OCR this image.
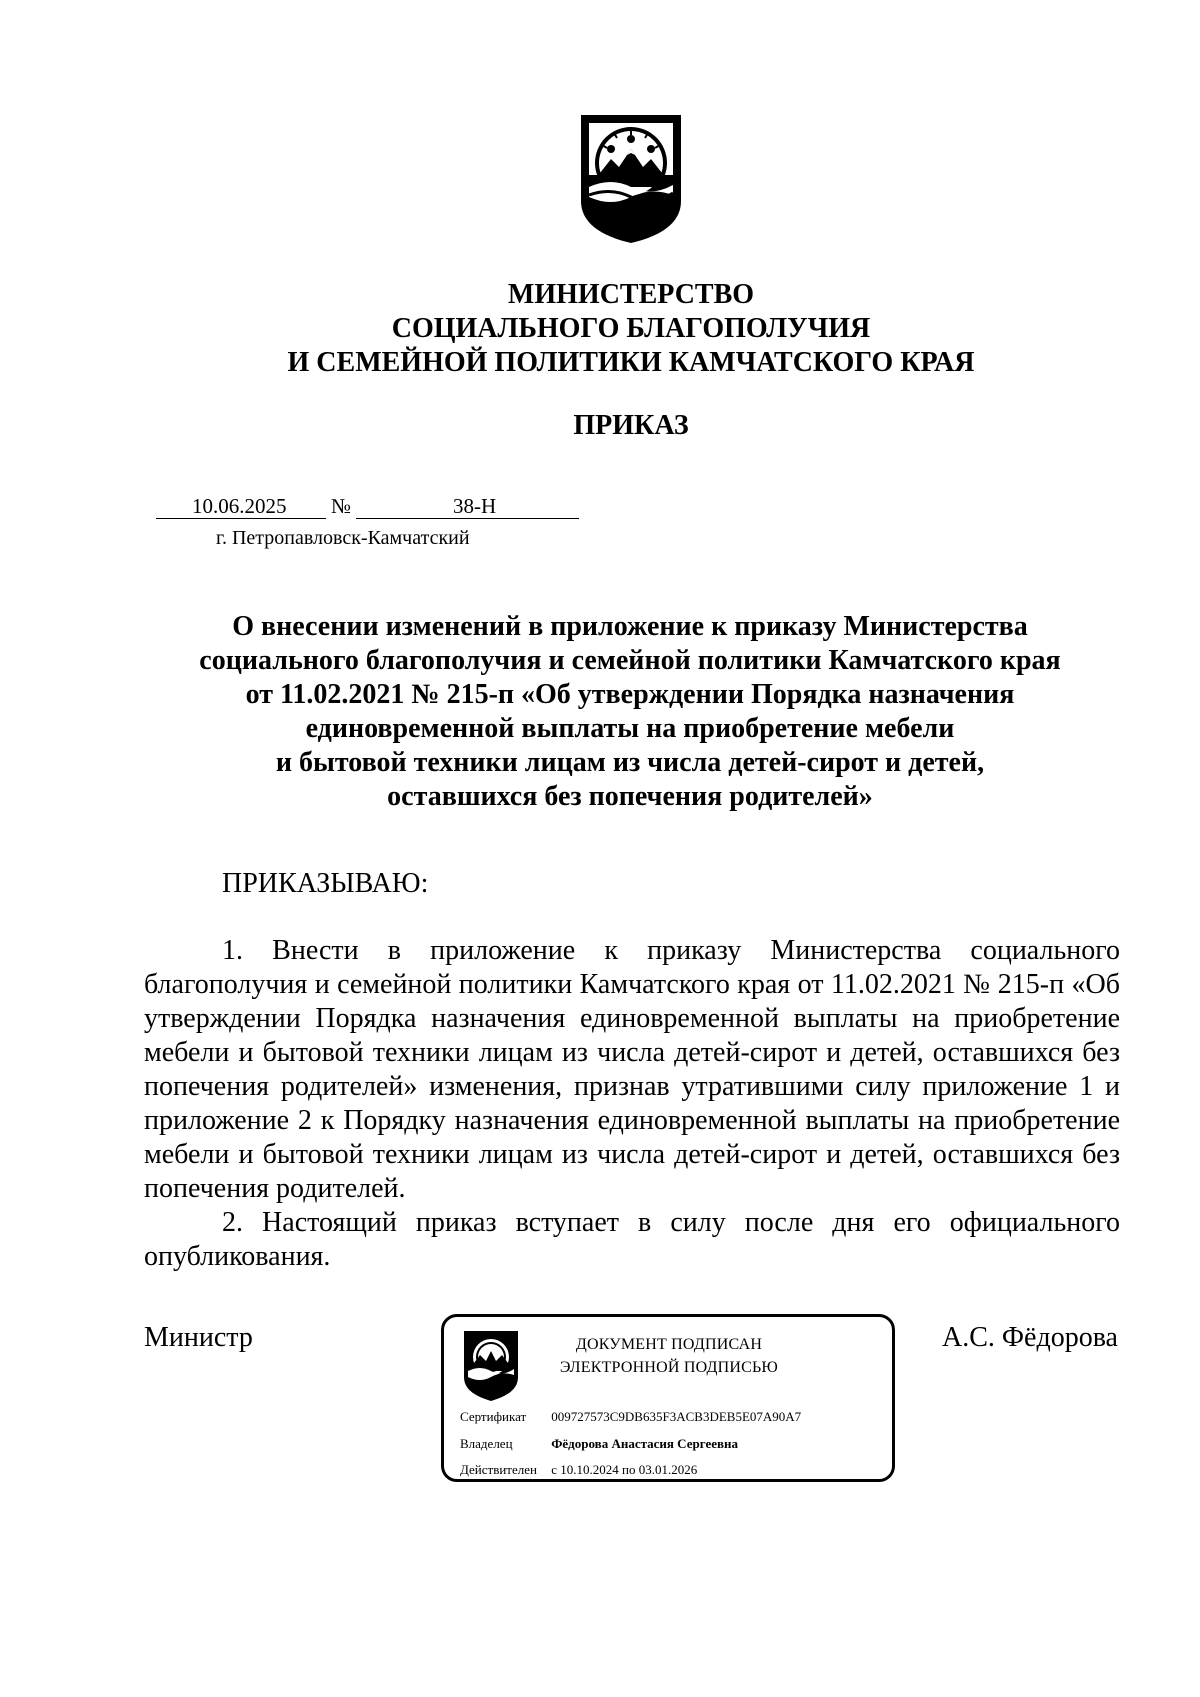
МИНИСТЕРСТВО
СОЦИАЛЬНОГО БЛАГОПОЛУЧИЯ
И СЕМЕЙНОЙ ПОЛИТИКИ КАМЧАТСКОГО КРАЯ
ПРИКАЗ
10.06.2025 №	38-Н
г. Петропавловск-Камчатский
О внесении изменений в приложение к приказу Министерства
социального благополучия и семейной политики Камчатского края
от 11.02.2021 № 215-п «Об утверждении Порядка назначения
единовременной выплаты на приобретение мебели
и бытовой техники лицам из числа детей-сирот и детей,
оставшихся без попечения родителей»
ПРИКАЗЫВАЮ:

1. Внести в приложение к приказу Министерства социального благополучия и семейной политики Камчатского края от 11.02.2021 № 215-п «Об утверждении Порядка назначения единовременной выплаты на приобретение мебели и бытовой техники лицам из числа детей-сирот и детей, оставшихся без попечения родителей» изменения, признав утратившими силу приложение 1 и приложение 2 к Порядку назначения единовременной выплаты на приобретение мебели и бытовой техники лицам из числа детей-сирот и детей, оставшихся без попечения родителей.

2. Настоящий приказ вступает в силу после дня его официального опубликования.

Министр	А.С. Фёдорова
ДОКУМЕНТ ПОДПИСАН
ЭЛЕКТРОННОЙ ПОДПИСЬЮ
Сертификат 009727573C9DB635F3ACB3DEB5E07A90A7
Владелец	Фёдорова Анастасия Сергеевна
Действителен с 10.10.2024 по 03.01.2026
